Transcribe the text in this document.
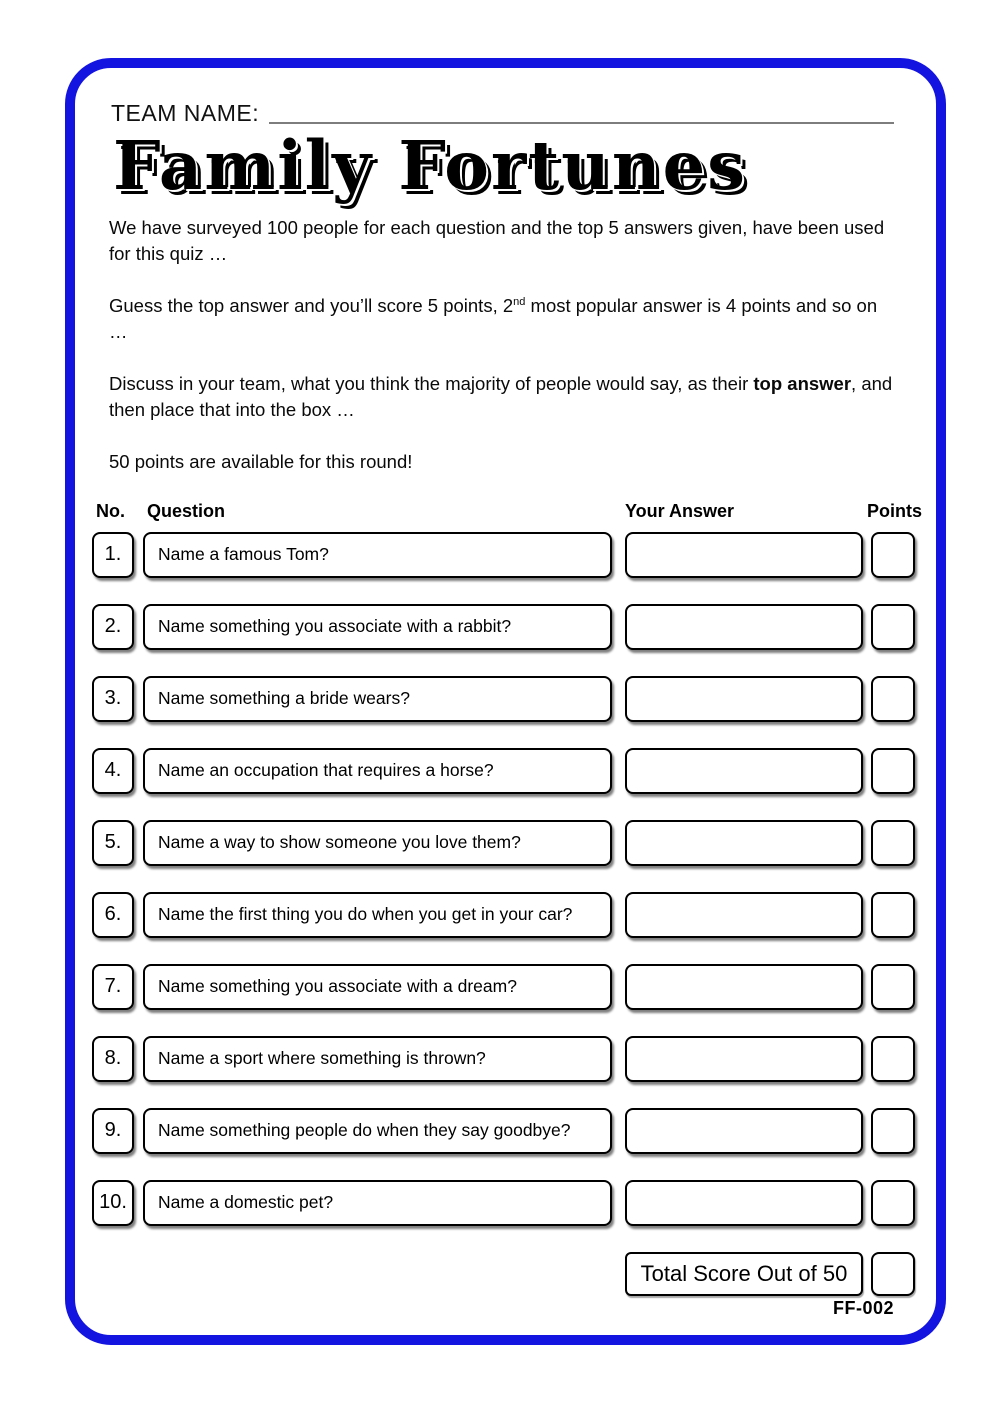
TEAM NAME:
Family Fortunes

We have surveyed 100 people for each question and the top 5 answers given, have been used for this quiz …

Guess the top answer and you’ll score 5 points, 2nd most popular answer is 4 points and so on …

Discuss in your team, what you think the majority of people would say, as their top answer, and then place that into the box …

50 points are available for this round!

No.	Question	Your Answer	Points
1.	Name a famous Tom?
2.	Name something you associate with a rabbit?
3.	Name something a bride wears?
4.	Name an occupation that requires a horse?
5.	Name a way to show someone you love them?
6.	Name the first thing you do when you get in your car?
7.	Name something you associate with a dream?
8.	Name a sport where something is thrown?
9.	Name something people do when they say goodbye?
10.	Name a domestic pet?
Total Score Out of 50
FF-002
